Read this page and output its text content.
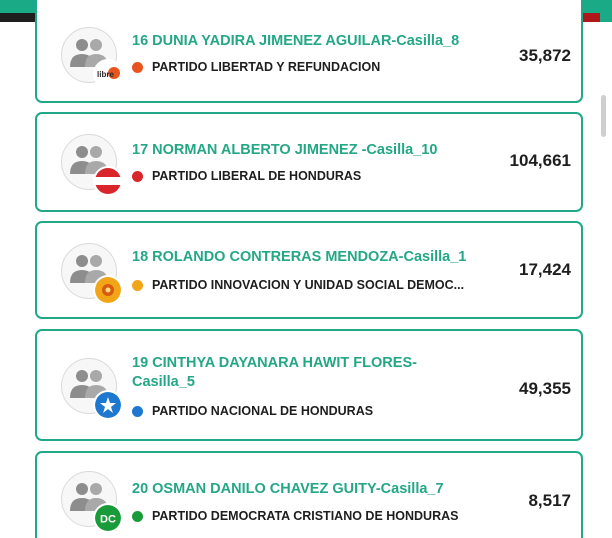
libre
16 DUNIA YADIRA JIMENEZ AGUILAR-Casilla_8
PARTIDO LIBERTAD Y REFUNDACION
35,872
17 NORMAN ALBERTO JIMENEZ -Casilla_10
PARTIDO LIBERAL DE HONDURAS
104,661
18 ROLANDO CONTRERAS MENDOZA-Casilla_1
PARTIDO INNOVACION Y UNIDAD SOCIAL DEMOC...
17,424
19 CINTHYA DAYANARA HAWIT FLORES-Casilla_5
PARTIDO NACIONAL DE HONDURAS
49,355
DC
20 OSMAN DANILO CHAVEZ GUITY-Casilla_7
PARTIDO DEMOCRATA CRISTIANO DE HONDURAS
8,517
